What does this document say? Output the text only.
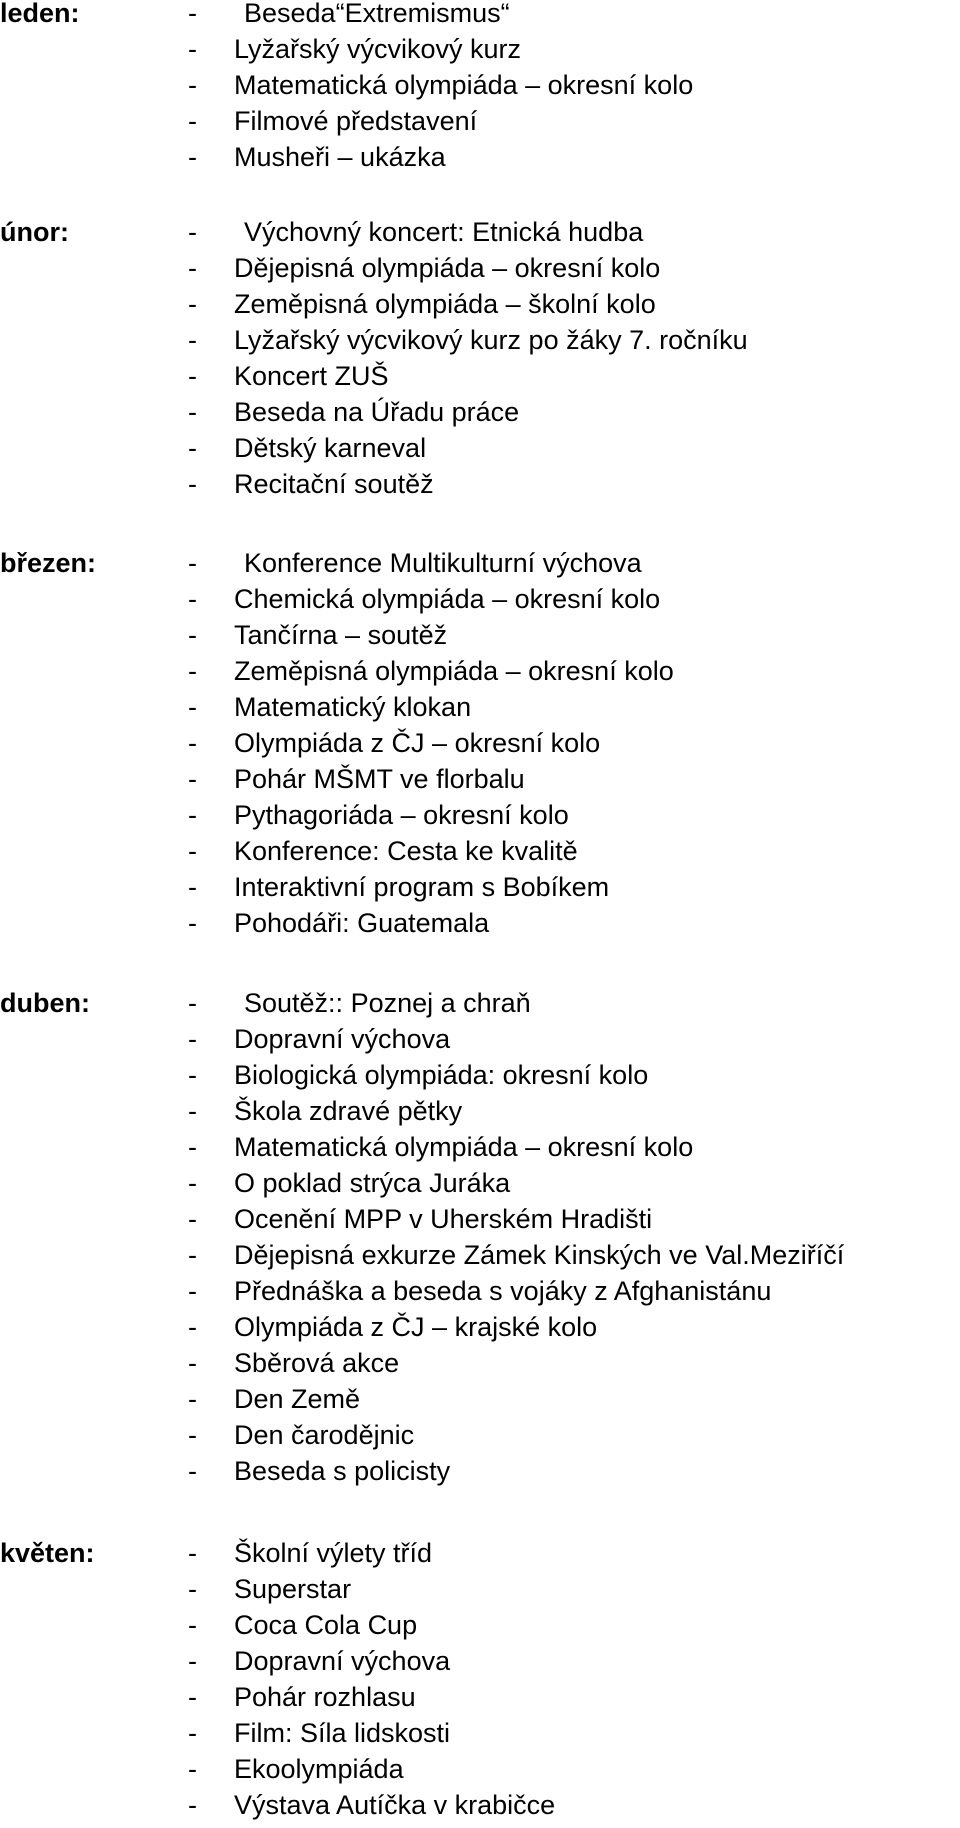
leden:	- Beseda“Extremismus“
- Lyžařský výcvikový kurz
- Matematická olympiáda – okresní kolo
- Filmové představení
- Musheři – ukázka
únor:	- Výchovný koncert: Etnická hudba
- Dějepisná olympiáda – okresní kolo
- Zeměpisná olympiáda – školní kolo
- Lyžařský výcvikový kurz po žáky 7. ročníku
- Koncert ZUŠ
- Beseda na Úřadu práce
- Dětský karneval
- Recitační soutěž
březen:	- Konference Multikulturní výchova
- Chemická olympiáda – okresní kolo
- Tančírna – soutěž
- Zeměpisná olympiáda – okresní kolo
- Matematický klokan
- Olympiáda z ČJ – okresní kolo
- Pohár MŠMT ve florbalu
- Pythagoriáda – okresní kolo
- Konference: Cesta ke kvalitě
- Interaktivní program s Bobíkem
- Pohodáři: Guatemala
duben:	- Soutěž:: Poznej a chraň
- Dopravní výchova
- Biologická olympiáda: okresní kolo
- Škola zdravé pětky
- Matematická olympiáda – okresní kolo
- O poklad strýca Juráka
- Ocenění MPP v Uherském Hradišti
- Dějepisná exkurze Zámek Kinských ve Val.Meziříčí
- Přednáška a beseda s vojáky z Afghanistánu
- Olympiáda z ČJ – krajské kolo
- Sběrová akce
- Den Země
- Den čarodějnic
- Beseda s policisty
květen:	- Školní výlety tříd
- Superstar
- Coca Cola Cup
- Dopravní výchova
- Pohár rozhlasu
- Film: Síla lidskosti
- Ekoolympiáda
- Výstava Autíčka v krabičce
